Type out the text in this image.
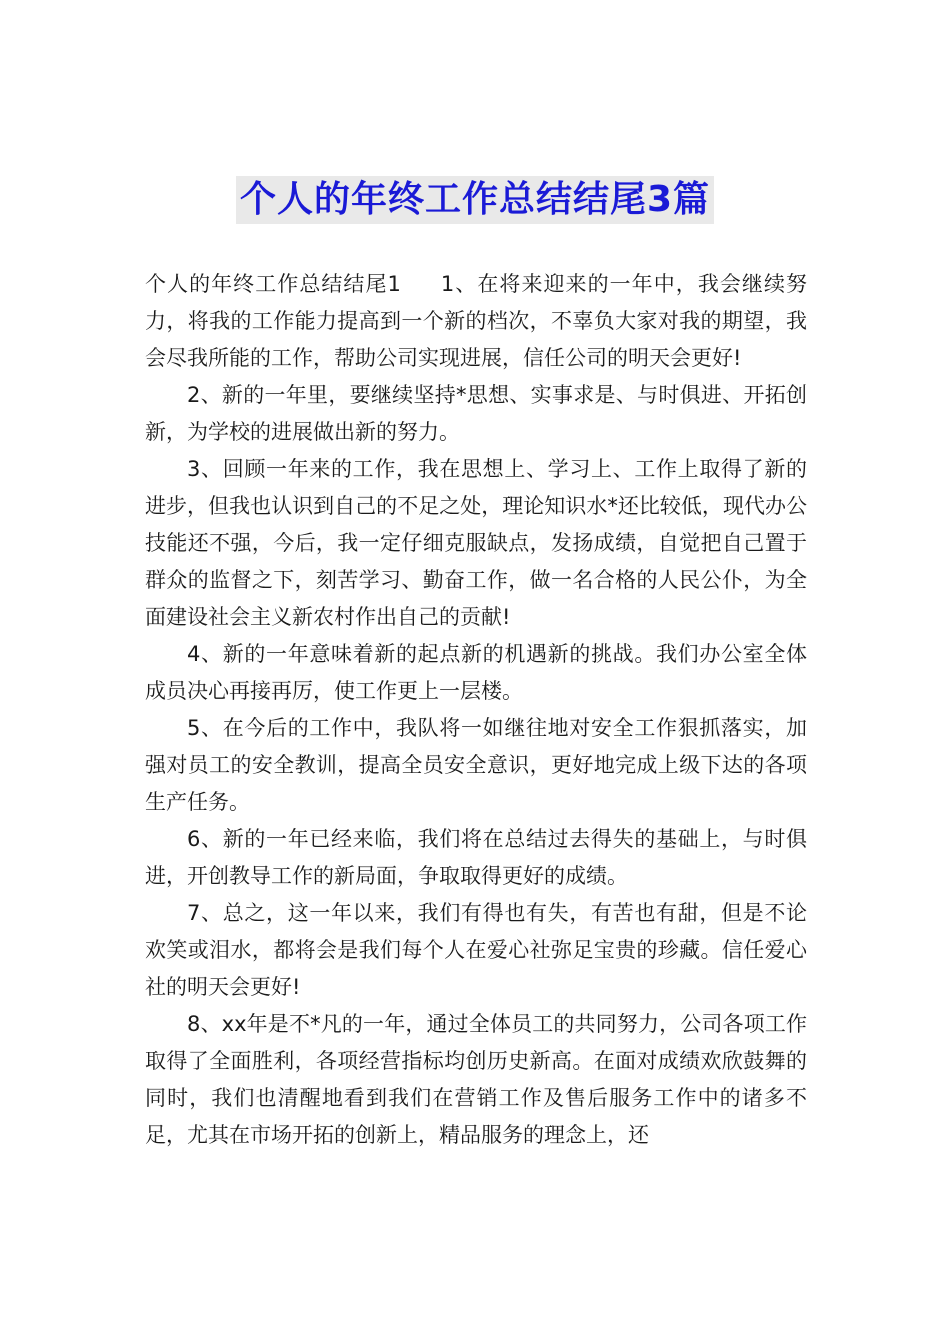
个人的年终工作总结结尾3篇

个人的年终工作总结结尾1 1、在将来迎来的一年中，我会继续努力，将我的工作能力提高到一个新的档次，不辜负大家对我的期望，我会尽我所能的工作，帮助公司实现进展，信任公司的明天会更好!

2、新的一年里，要继续坚持*思想、实事求是、与时俱进、开拓创新，为学校的进展做出新的努力。

3、回顾一年来的工作，我在思想上、学习上、工作上取得了新的进步，但我也认识到自己的不足之处，理论知识水*还比较低，现代办公技能还不强，今后，我一定仔细克服缺点，发扬成绩，自觉把自己置于群众的监督之下，刻苦学习、勤奋工作，做一名合格的人民公仆，为全面建设社会主义新农村作出自己的贡献!

4、新的一年意味着新的起点新的机遇新的挑战。我们办公室全体成员决心再接再厉，使工作更上一层楼。

5、在今后的工作中，我队将一如继往地对安全工作狠抓落实，加强对员工的安全教训，提高全员安全意识，更好地完成上级下达的各项生产任务。

6、新的一年已经来临，我们将在总结过去得失的基础上，与时俱进，开创教导工作的新局面，争取取得更好的成绩。

7、总之，这一年以来，我们有得也有失，有苦也有甜，但是不论欢笑或泪水，都将会是我们每个人在爱心社弥足宝贵的珍藏。信任爱心社的明天会更好!

8、xx年是不*凡的一年，通过全体员工的共同努力，公司各项工作取得了全面胜利，各项经营指标均创历史新高。在面对成绩欢欣鼓舞的同时，我们也清醒地看到我们在营销工作及售后服务工作中的诸多不足，尤其在市场开拓的创新上，精品服务的理念上，还
